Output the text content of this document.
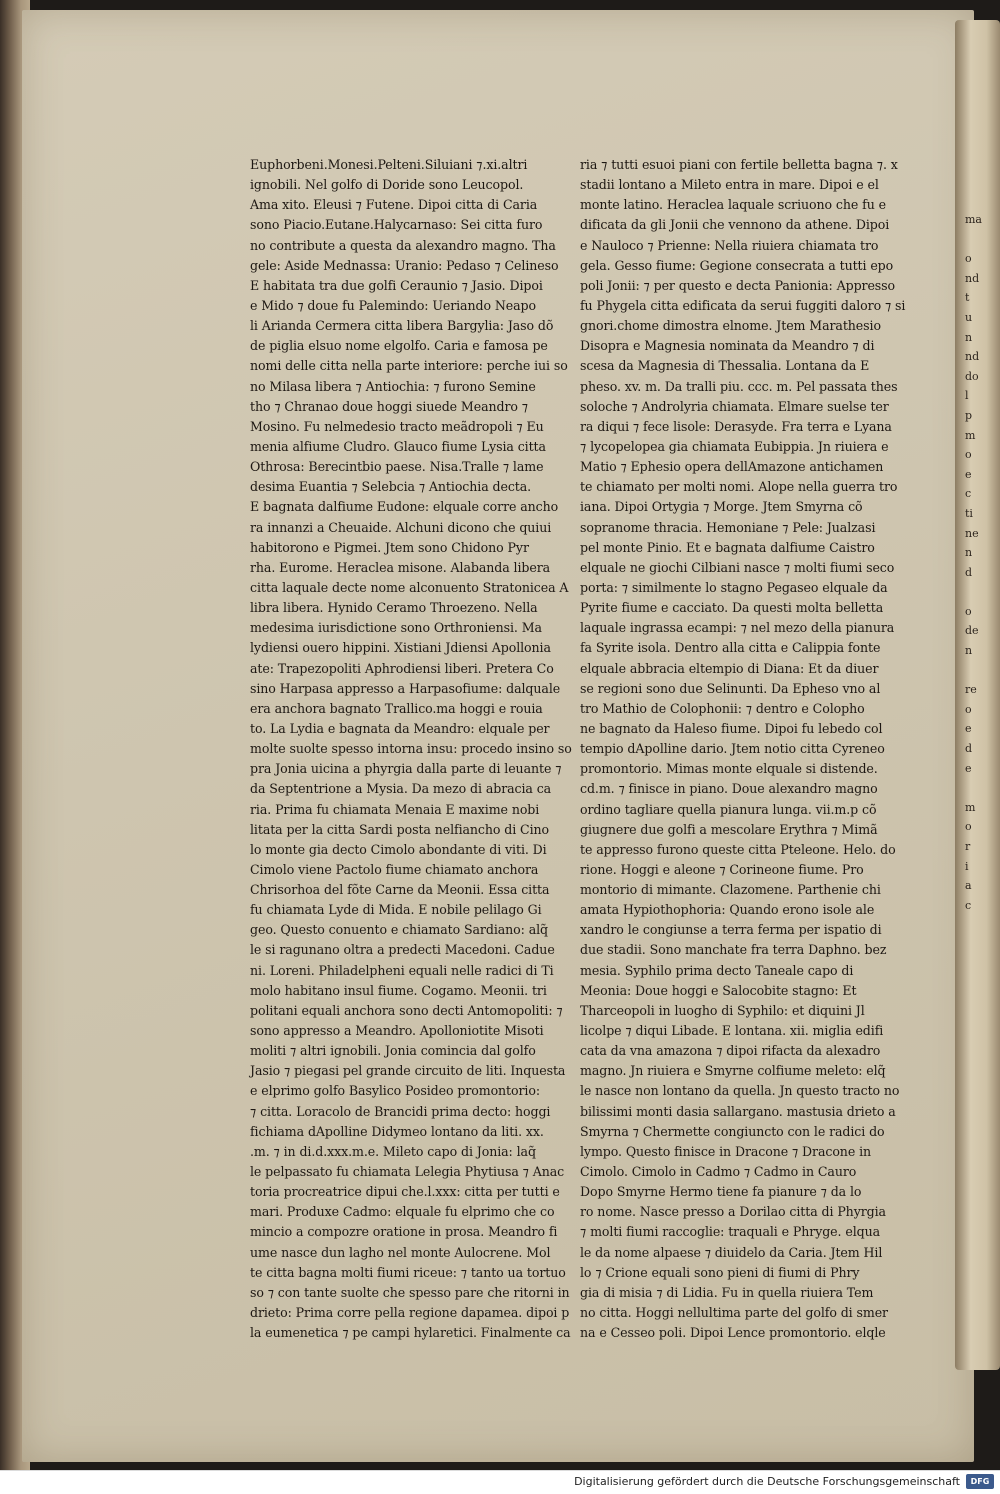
ma
o
nd
t
u
n
nd
do
l
p
m
o
e
c
ti
ne
n
d
o
de
n
re
o
e
d
e
m
o
r
i
a
c
Euphorbeni.Monesi.Pelteni.Siluiani ⁊.xi.altri
ignobili. Nel golfo di Doride sono Leucopol.
Ama xito. Eleusi ⁊ Futene. Dipoi citta di Caria
sono Piacio.Eutane.Halycarnaso: Sei citta furo
no contribute a questa da alexandro magno. Tha
gele: Aside Mednassa: Uranio: Pedaso ⁊ Celineso
E habitata tra due golfi Ceraunio ⁊ Jasio. Dipoi
e Mido ⁊ doue fu Palemindo: Ueriando Neapo
li Arianda Cermera citta libera Bargylia: Jaso dõ
de piglia elsuo nome elgolfo. Caria e famosa pe
nomi delle citta nella parte interiore: perche iui so
no Milasa libera ⁊ Antiochia: ⁊ furono Semine
tho ⁊ Chranao doue hoggi siuede Meandro ⁊
Mosino. Fu nelmedesio tracto meãdropoli ⁊ Eu
menia alfiume Cludro. Glauco fiume Lysia citta
Othrosa: Berecintbio paese. Nisa.Tralle ⁊ lame
desima Euantia ⁊ Selebcia ⁊ Antiochia decta.
E bagnata dalfiume Eudone: elquale corre ancho
ra innanzi a Cheuaide. Alchuni dicono che quiui
habitorono e Pigmei. Jtem sono Chidono Pyr
rha. Eurome. Heraclea misone. Alabanda libera
citta laquale decte nome alconuento Stratonicea A
libra libera. Hynido Ceramo Throezeno. Nella
medesima iurisdictione sono Orthroniensi. Ma
lydiensi ouero hippini. Xistiani Jdiensi Apollonia
ate: Trapezopoliti Aphrodiensi liberi. Pretera Co
sino Harpasa appresso a Harpasofiume: dalquale
era anchora bagnato Trallico.ma hoggi e rouia
to. La Lydia e bagnata da Meandro: elquale per
molte suolte spesso intorna insu: procedo insino so
pra Jonia uicina a phyrgia dalla parte di leuante ⁊
da Septentrione a Mysia. Da mezo di abracia ca
ria. Prima fu chiamata Menaia E maxime nobi
litata per la citta Sardi posta nelfiancho di Cino
lo monte gia decto Cimolo abondante di viti. Di
Cimolo viene Pactolo fiume chiamato anchora
Chrisorhoa del fõte Carne da Meonii. Essa citta
fu chiamata Lyde di Mida. E nobile pelilago Gi
geo. Questo conuento e chiamato Sardiano: alq̃
le si ragunano oltra a predecti Macedoni. Cadue
ni. Loreni. Philadelpheni equali nelle radici di Ti
molo habitano insul fiume. Cogamo. Meonii. tri
politani equali anchora sono decti Antomopoliti: ⁊
sono appresso a Meandro. Apolloniotite Misoti
moliti ⁊ altri ignobili. Jonia comincia dal golfo
Jasio ⁊ piegasi pel grande circuito de liti. Inquesta
e elprimo golfo Basylico Posideo promontorio:
⁊ citta. Loracolo de Brancidi prima decto: hoggi
fichiama dApolline Didymeo lontano da liti. xx.
.m. ⁊ in di.d.xxx.m.e. Mileto capo di Jonia: laq̃
le pelpassato fu chiamata Lelegia Phytiusa ⁊ Anac
toria procreatrice dipui che.l.xxx: citta per tutti e
mari. Produxe Cadmo: elquale fu elprimo che co
mincio a compozre oratione in prosa. Meandro fi
ume nasce dun lagho nel monte Aulocrene. Mol
te citta bagna molti fiumi riceue: ⁊ tanto ua tortuo
so ⁊ con tante suolte che spesso pare che ritorni in
drieto: Prima corre pella regione dapamea. dipoi p
la eumenetica ⁊ pe campi hylaretici. Finalmente ca
ria ⁊ tutti esuoi piani con fertile belletta bagna ⁊. x
stadii lontano a Mileto entra in mare. Dipoi e el
monte latino. Heraclea laquale scriuono che fu e
dificata da gli Jonii che vennono da athene. Dipoi
e Nauloco ⁊ Prienne: Nella riuiera chiamata tro
gela. Gesso fiume: Gegione consecrata a tutti epo
poli Jonii: ⁊ per questo e decta Panionia: Appresso
fu Phygela citta edificata da serui fuggiti daloro ⁊ si
gnori.chome dimostra elnome. Jtem Marathesio
Disopra e Magnesia nominata da Meandro ⁊ di
scesa da Magnesia di Thessalia. Lontana da E
pheso. xv. m. Da tralli piu. ccc. m. Pel passata thes
soloche ⁊ Androlyria chiamata. Elmare suelse ter
ra diqui ⁊ fece lisole: Derasyde. Fra terra e Lyana
⁊ lycopelopea gia chiamata Eubippia. Jn riuiera e
Matio ⁊ Ephesio opera dellAmazone antichamen
te chiamato per molti nomi. Alope nella guerra tro
iana. Dipoi Ortygia ⁊ Morge. Jtem Smyrna cõ
sopranome thracia. Hemoniane ⁊ Pele: Jualzasi
pel monte Pinio. Et e bagnata dalfiume Caistro
elquale ne giochi Cilbiani nasce ⁊ molti fiumi seco
porta: ⁊ similmente lo stagno Pegaseo elquale da
Pyrite fiume e cacciato. Da questi molta belletta
laquale ingrassa ecampi: ⁊ nel mezo della pianura
fa Syrite isola. Dentro alla citta e Calippia fonte
elquale abbracia eltempio di Diana: Et da diuer
se regioni sono due Selinunti. Da Epheso vno al
tro Mathio de Colophonii: ⁊ dentro e Colopho
ne bagnato da Haleso fiume. Dipoi fu lebedo col
tempio dApolline dario. Jtem notio citta Cyreneo
promontorio. Mimas monte elquale si distende.
cd.m. ⁊ finisce in piano. Doue alexandro magno
ordino tagliare quella pianura lunga. vii.m.p cõ
giugnere due golfi a mescolare Erythra ⁊ Mimã
te appresso furono queste citta Pteleone. Helo. do
rione. Hoggi e aleone ⁊ Corineone fiume. Pro
montorio di mimante. Clazomene. Parthenie chi
amata Hypiothophoria: Quando erono isole ale
xandro le congiunse a terra ferma per ispatio di
due stadii. Sono manchate fra terra Daphno. bez
mesia. Syphilo prima decto Taneale capo di
Meonia: Doue hoggi e Salocobite stagno: Et
Tharceopoli in luogho di Syphilo: et diquini Jl
licolpe ⁊ diqui Libade. E lontana. xii. miglia edifi
cata da vna amazona ⁊ dipoi rifacta da alexadro
magno. Jn riuiera e Smyrne colfiume meleto: elq̃
le nasce non lontano da quella. Jn questo tracto no
bilissimi monti dasia sallargano. mastusia drieto a
Smyrna ⁊ Chermette congiuncto con le radici do
lympo. Questo finisce in Dracone ⁊ Dracone in
Cimolo. Cimolo in Cadmo ⁊ Cadmo in Cauro
Dopo Smyrne Hermo tiene fa pianure ⁊ da lo
ro nome. Nasce presso a Dorilao citta di Phyrgia
⁊ molti fiumi raccoglie: traquali e Phryge. elqua
le da nome alpaese ⁊ diuidelo da Caria. Jtem Hil
lo ⁊ Crione equali sono pieni di fiumi di Phry
gia di misia ⁊ di Lidia. Fu in quella riuiera Tem
no citta. Hoggi nellultima parte del golfo di smer
na e Cesseo poli. Dipoi Lence promontorio. elqle
Digitalisierung gefördert durch die Deutsche Forschungsgemeinschaft	DFG
